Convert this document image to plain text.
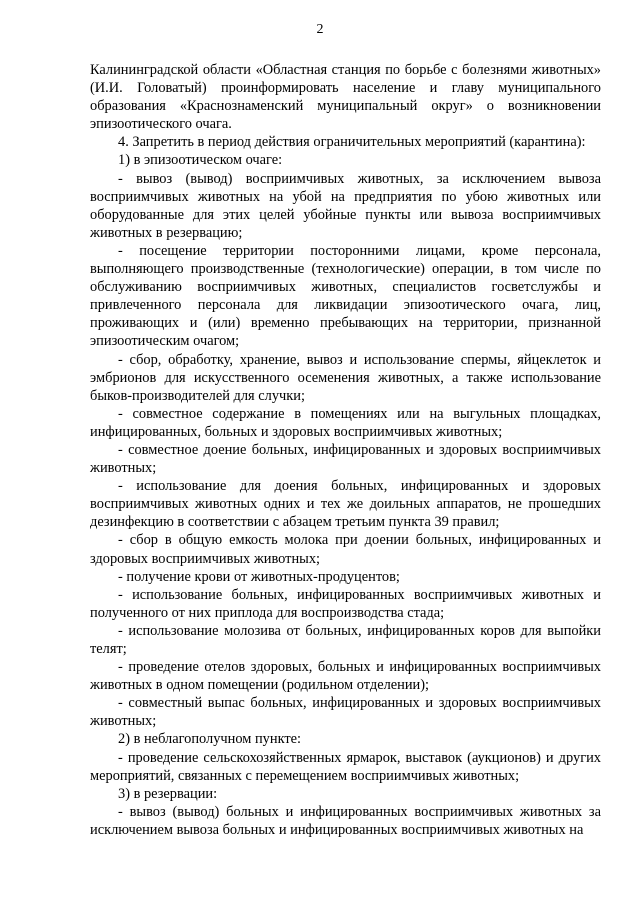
2

Калининградской области «Областная станция по борьбе с болезнями животных» (И.И. Головатый) проинформировать население и главу муниципального образования «Краснознаменский муниципальный округ» о возникновении эпизоотического очага.

4. Запретить в период действия ограничительных мероприятий (карантина):

1) в эпизоотическом очаге:

- вывоз (вывод) восприимчивых животных, за исключением вывоза восприимчивых животных на убой на предприятия по убою животных или оборудованные для этих целей убойные пункты или вывоза восприимчивых животных в резервацию;

- посещение территории посторонними лицами, кроме персонала, выполняющего производственные (технологические) операции, в том числе по обслуживанию восприимчивых животных, специалистов госветслужбы и привлеченного персонала для ликвидации эпизоотического очага, лиц, проживающих и (или) временно пребывающих на территории, признанной эпизоотическим очагом;

- сбор, обработку, хранение, вывоз и использование спермы, яйцеклеток и эмбрионов для искусственного осеменения животных, а также использование быков-производителей для случки;

- совместное содержание в помещениях или на выгульных площадках, инфицированных, больных и здоровых восприимчивых животных;

- совместное доение больных, инфицированных и здоровых восприимчивых животных;

- использование для доения больных, инфицированных и здоровых восприимчивых животных одних и тех же доильных аппаратов, не прошедших дезинфекцию в соответствии с абзацем третьим пункта 39 правил;

- сбор в общую емкость молока при доении больных, инфицированных и здоровых восприимчивых животных;

- получение крови от животных-продуцентов;

- использование больных, инфицированных восприимчивых животных и полученного от них приплода для воспроизводства стада;

- использование молозива от больных, инфицированных коров для выпойки телят;

- проведение отелов здоровых, больных и инфицированных восприимчивых животных в одном помещении (родильном отделении);

- совместный выпас больных, инфицированных и здоровых восприимчивых животных;

2) в неблагополучном пункте:

- проведение сельскохозяйственных ярмарок, выставок (аукционов) и других мероприятий, связанных с перемещением восприимчивых животных;

3) в резервации:

- вывоз (вывод) больных и инфицированных восприимчивых животных за исключением вывоза больных и инфицированных восприимчивых животных на
